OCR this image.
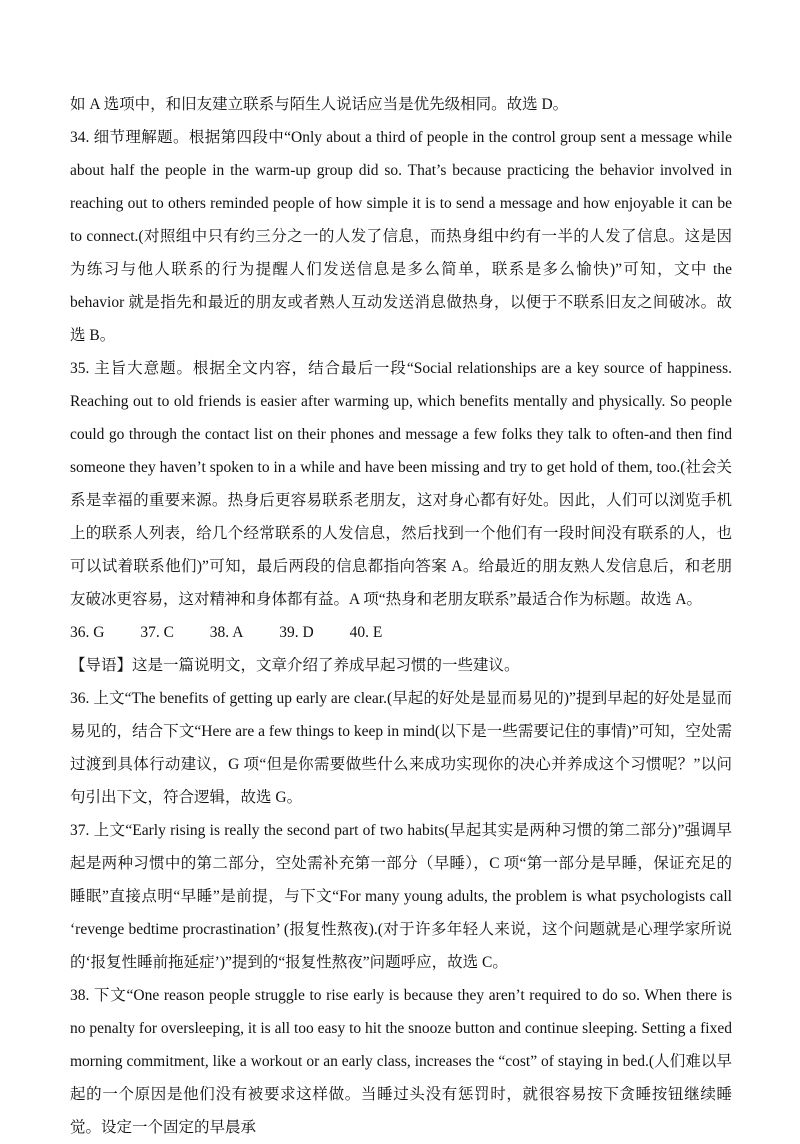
如 A 选项中，和旧友建立联系与陌生人说话应当是优先级相同。故选 D。

34. 细节理解题。根据第四段中“Only about a third of people in the control group sent a message while about half the people in the warm-up group did so. That’s because practicing the behavior involved in reaching out to others reminded people of how simple it is to send a message and how enjoyable it can be to connect.(对照组中只有约三分之一的人发了信息，而热身组中约有一半的人发了信息。这是因为练习与他人联系的行为提醒人们发送信息是多么简单，联系是多么愉快)”可知，文中 the behavior 就是指先和最近的朋友或者熟人互动发送消息做热身，以便于不联系旧友之间破冰。故选 B。

35. 主旨大意题。根据全文内容，结合最后一段“Social relationships are a key source of happiness. Reaching out to old friends is easier after warming up, which benefits mentally and physically. So people could go through the contact list on their phones and message a few folks they talk to often-and then find someone they haven’t spoken to in a while and have been missing and try to get hold of them, too.(社会关系是幸福的重要来源。热身后更容易联系老朋友，这对身心都有好处。因此，人们可以浏览手机上的联系人列表，给几个经常联系的人发信息，然后找到一个他们有一段时间没有联系的人，也可以试着联系他们)”可知，最后两段的信息都指向答案 A。给最近的朋友熟人发信息后，和老朋友破冰更容易，这对精神和身体都有益。A 项“热身和老朋友联系”最适合作为标题。故选 A。

36. G 37. C 38. A 39. D 40. E

【导语】这是一篇说明文，文章介绍了养成早起习惯的一些建议。

36. 上文“The benefits of getting up early are clear.(早起的好处是显而易见的)”提到早起的好处是显而易见的，结合下文“Here are a few things to keep in mind(以下是一些需要记住的事情)”可知，空处需过渡到具体行动建议，G 项“但是你需要做些什么来成功实现你的决心并养成这个习惯呢？”以问句引出下文，符合逻辑，故选 G。

37. 上文“Early rising is really the second part of two habits(早起其实是两种习惯的第二部分)”强调早起是两种习惯中的第二部分，空处需补充第一部分（早睡），C 项“第一部分是早睡，保证充足的睡眠”直接点明“早睡”是前提，与下文“For many young adults, the problem is what psychologists call ‘revenge bedtime procrastination’ (报复性熬夜).(对于许多年轻人来说，这个问题就是心理学家所说的‘报复性睡前拖延症’)”提到的“报复性熬夜”问题呼应，故选 C。

38. 下文“One reason people struggle to rise early is because they aren’t required to do so. When there is no penalty for oversleeping, it is all too easy to hit the snooze button and continue sleeping. Setting a fixed morning commitment, like a workout or an early class, increases the “cost” of staying in bed.(人们难以早起的一个原因是他们没有被要求这样做。当睡过头没有惩罚时，就很容易按下贪睡按钮继续睡觉。设定一个固定的早晨承
